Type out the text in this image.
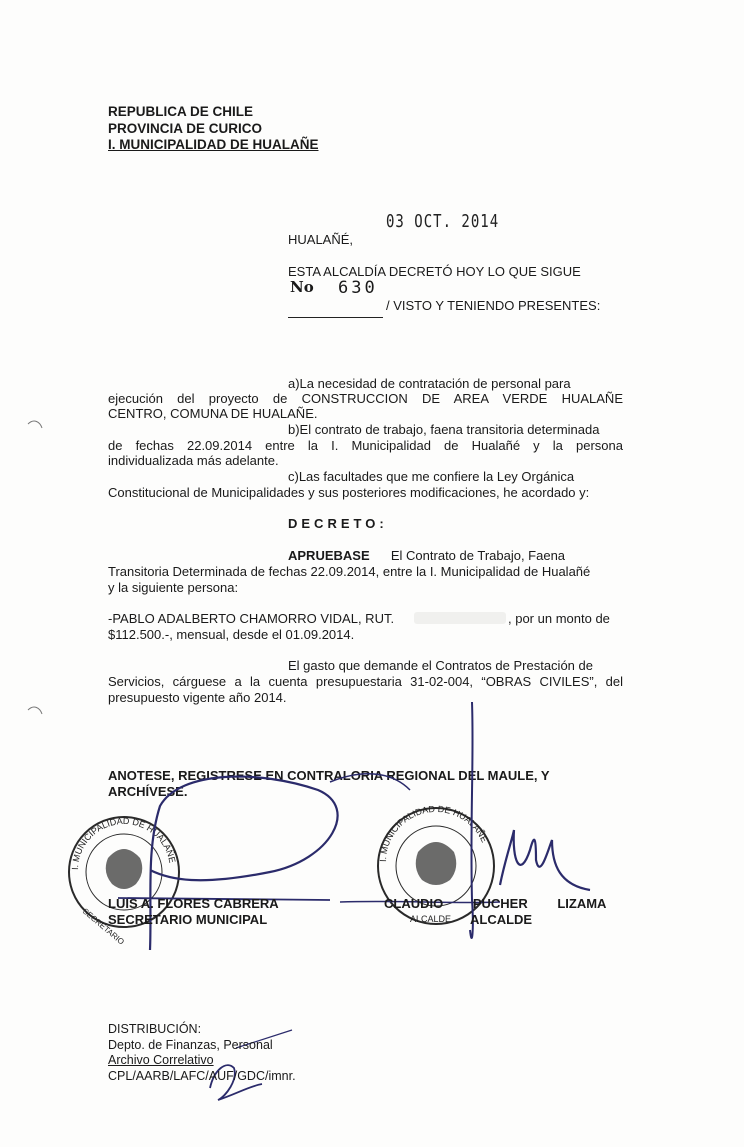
REPUBLICA DE CHILE
PROVINCIA DE CURICO
I. MUNICIPALIDAD DE HUALAÑE
03 OCT. 2014
HUALAÑÉ,
ESTA ALCALDÍA DECRETÓ HOY LO QUE SIGUE
No 630
/ VISTO Y TENIENDO PRESENTES:
a)La necesidad de contratación de personal para
ejecución del proyecto de CONSTRUCCION DE AREA VERDE HUALAÑE
CENTRO, COMUNA DE HUALAÑE.
b)El contrato de trabajo, faena transitoria determinada
de fechas 22.09.2014 entre la I. Municipalidad de Hualañé y la persona
individualizada más adelante.
c)Las facultades que me confiere la Ley Orgánica
Constitucional de Municipalidades y sus posteriores modificaciones, he acordado y:
DECRETO:
APRUEBASE El Contrato de Trabajo, Faena
Transitoria Determinada de fechas 22.09.2014, entre la I. Municipalidad de Hualañé
y la siguiente persona:
-PABLO ADALBERTO CHAMORRO VIDAL, RUT.	, por un monto de
$112.500.-, mensual, desde el 01.09.2014.
El gasto que demande el Contratos de Prestación de
Servicios, cárguese a la cuenta presupuestaria 31-02-004, “OBRAS CIVILES”, del
presupuesto vigente año 2014.
ANOTESE, REGISTRESE EN CONTRALORIA REGIONAL DEL MAULE, Y ARCHÍVESE.
I. MUNICIPALIDAD DE HUALAÑE
SECRETARIO
I. MUNICIPALIDAD DE HUALAÑE
ALCALDE
LUIS A. FLORES CABRERA
SECRETARIO MUNICIPAL
CLAUDIO PUCHER LIZAMA
ALCALDE
DISTRIBUCIÓN:
Depto. de Finanzas, Personal
Archivo Correlativo
CPL/AARB/LAFC/AUF/GDC/imnr.
